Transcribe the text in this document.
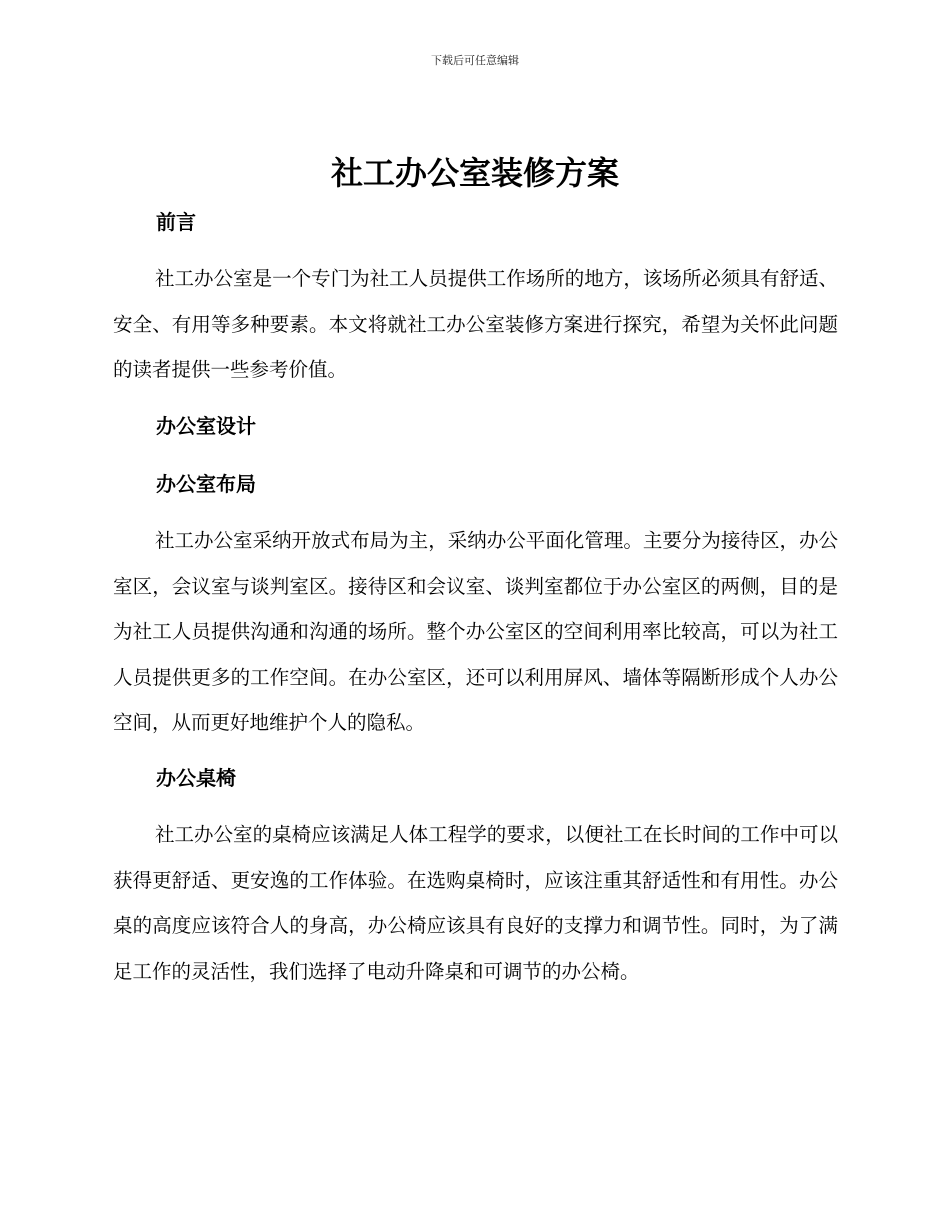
下载后可任意编辑
社工办公室装修方案
前言

社工办公室是一个专门为社工人员提供工作场所的地方，该场所必须具有舒适、安全、有用等多种要素。本文将就社工办公室装修方案进行探究，希望为关怀此问题的读者提供一些参考价值。

办公室设计
办公室布局

社工办公室采纳开放式布局为主，采纳办公平面化管理。主要分为接待区，办公室区，会议室与谈判室区。接待区和会议室、谈判室都位于办公室区的两侧，目的是为社工人员提供沟通和沟通的场所。整个办公室区的空间利用率比较高，可以为社工人员提供更多的工作空间。在办公室区，还可以利用屏风、墙体等隔断形成个人办公空间，从而更好地维护个人的隐私。

办公桌椅

社工办公室的桌椅应该满足人体工程学的要求，以便社工在长时间的工作中可以获得更舒适、更安逸的工作体验。在选购桌椅时，应该注重其舒适性和有用性。办公桌的高度应该符合人的身高，办公椅应该具有良好的支撑力和调节性。同时，为了满足工作的灵活性，我们选择了电动升降桌和可调节的办公椅。
